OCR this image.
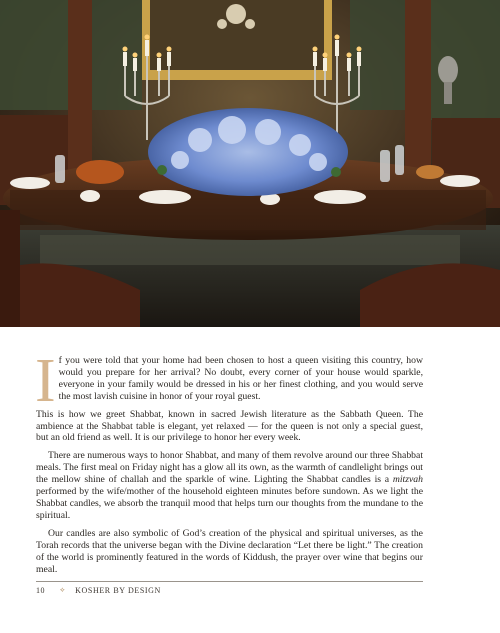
If you were told that your home had been chosen to host a queen visiting this country, how would you prepare for her arrival? No doubt, every corner of your house would sparkle, everyone in your family would be dressed in his or her finest clothing, and you would serve the most lavish cuisine in honor of your royal guest.

This is how we greet Shabbat, known in sacred Jewish literature as the Sabbath Queen. The ambience at the Shabbat table is elegant, yet relaxed — for the queen is not only a special guest, but an old friend as well. It is our privilege to honor her every week.

There are numerous ways to honor Shabbat, and many of them revolve around our three Shabbat meals. The first meal on Friday night has a glow all its own, as the warmth of candlelight brings out the mellow shine of challah and the sparkle of wine. Lighting the Shabbat candles is a mitzvah performed by the wife/mother of the household eighteen minutes before sundown. As we light the Shabbat candles, we absorb the tranquil mood that helps turn our thoughts from the mundane to the spiritual.

Our candles are also symbolic of God’s creation of the physical and spiritual universes, as the Torah records that the universe began with the Divine declaration “Let there be light.” The creation of the world is prominently featured in the words of Kiddush, the prayer over wine that begins our meal.

10	⟡ KOSHER BY DESIGN
